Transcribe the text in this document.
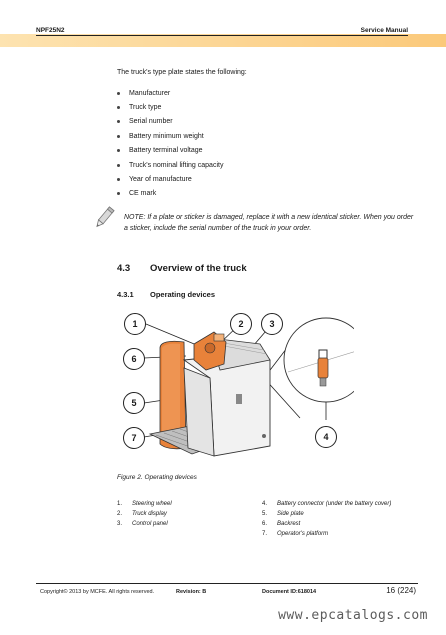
NPF25N2	Service Manual
The truck's type plate states the following:
Manufacturer
Truck type
Serial number
Battery minimum weight
Battery terminal voltage
Truck's nominal lifting capacity
Year of manufacture
CE mark
NOTE: If a plate or sticker is damaged, replace it with a new identical sticker. When you order a sticker, include the serial number of the truck in your order.
4.3 Overview of the truck
4.3.1 Operating devices
1	2	3
6
5
7	4
Figure 2. Operating devices
1.	Steering wheel
2.	Truck display
3.	Control panel
4.	Battery connector (under the battery cover)
5.	Side plate
6.	Backrest
7.	Operator's platform
Copyright© 2013 by MCFE. All rights reserved.	Revision: B	Document ID:618014	16 (224)
www.epcatalogs.com
